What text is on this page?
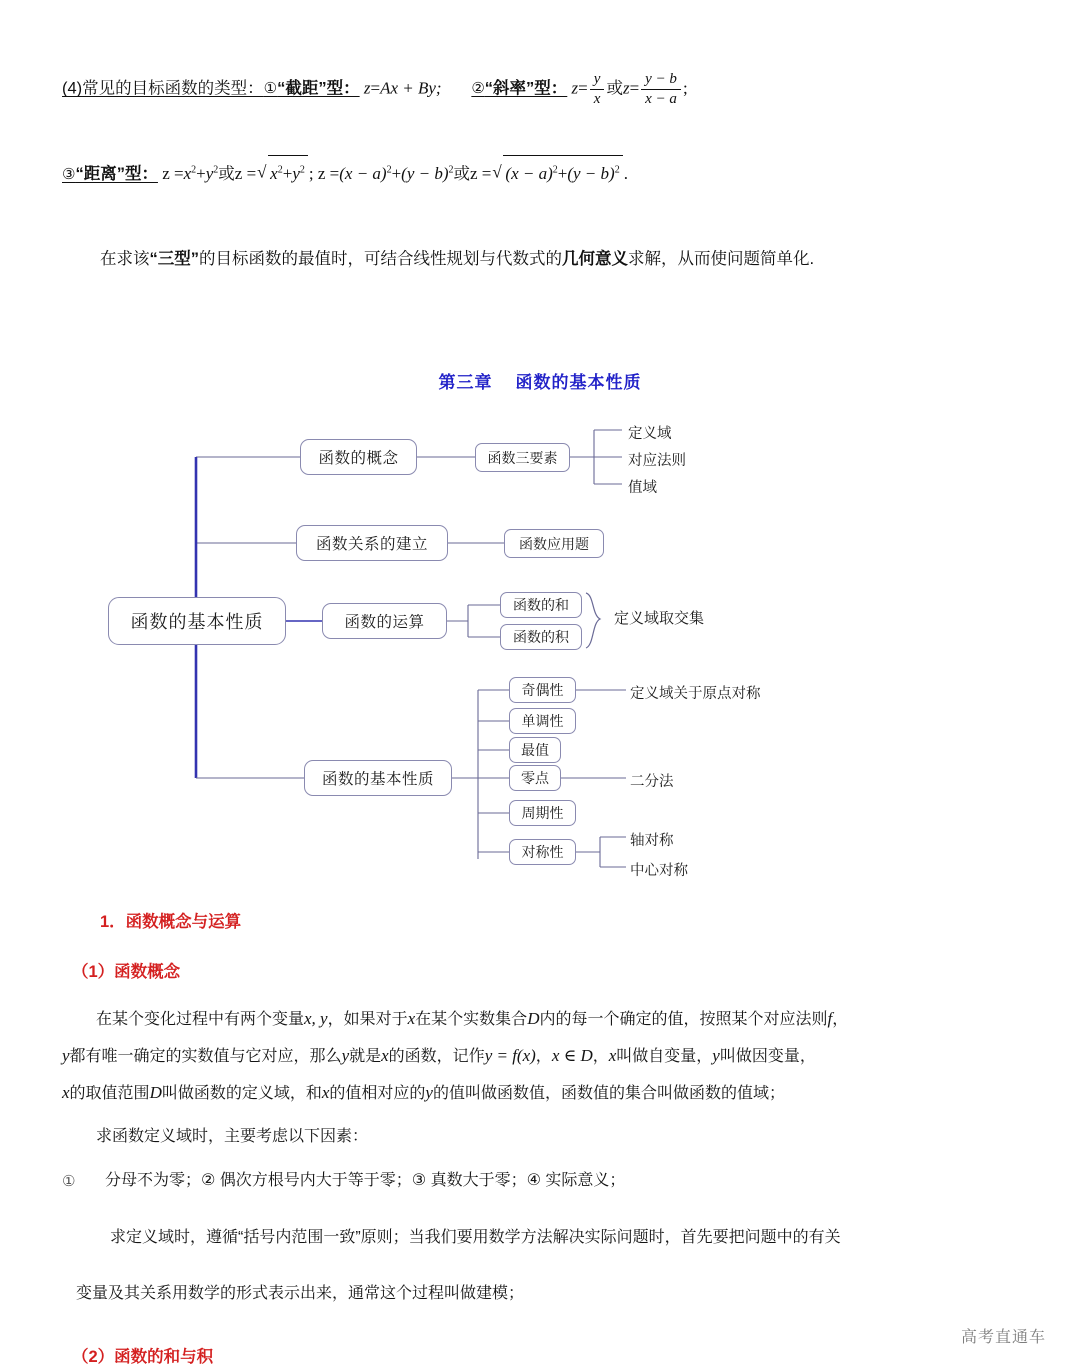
(4)常见的目标函数的类型：①“截距”型： z=Ax + By; ②“斜率”型： $z= \frac{y}{x}$ 或$z= \frac{y - b}{x - a}$ ;
③“距离”型： $z =x^2+y^2$或z = √ $x^2+y^2$ ; $z =(x - a)^2+(y - b)^2$或z = √ $(x - a)^2+(y - b)^2$ .
在求该“三型”的目标函数的最值时，可结合线性规划与代数式的几何意义求解，从而使问题简单化.
第三章 函数的基本性质
函数的基本性质
函数的概念	函数三要素
定义域
对应法则
值域
函数关系的建立	函数应用题
函数的运算
函数的和
函数的积
定义域取交集
函数的基本性质
奇偶性	定义域关于原点对称
单调性
最值
零点	二分法
周期性
对称性
轴对称
中心对称
1．函数概念与运算
（1）函数概念
（2）函数的和与积
在某个变化过程中有两个变量x, y，如果对于x在某个实数集合D内的每一个确定的值，按照某个对应法则f，
y都有唯一确定的实数值与它对应，那么y就是x的函数，记作y = f(x)，x ∈ D，x叫做自变量，y叫做因变量，
x的取值范围D叫做函数的定义域，和x的值相对应的y的值叫做函数值，函数值的集合叫做函数的值域；
求函数定义域时，主要考虑以下因素：
① 分母不为零；② 偶次方根号内大于等于零；③ 真数大于零；④ 实际意义；
求定义域时，遵循“括号内范围一致”原则；当我们要用数学方法解决实际问题时，首先要把问题中的有关
变量及其关系用数学的形式表示出来，通常这个过程叫做建模；
高考直通车
